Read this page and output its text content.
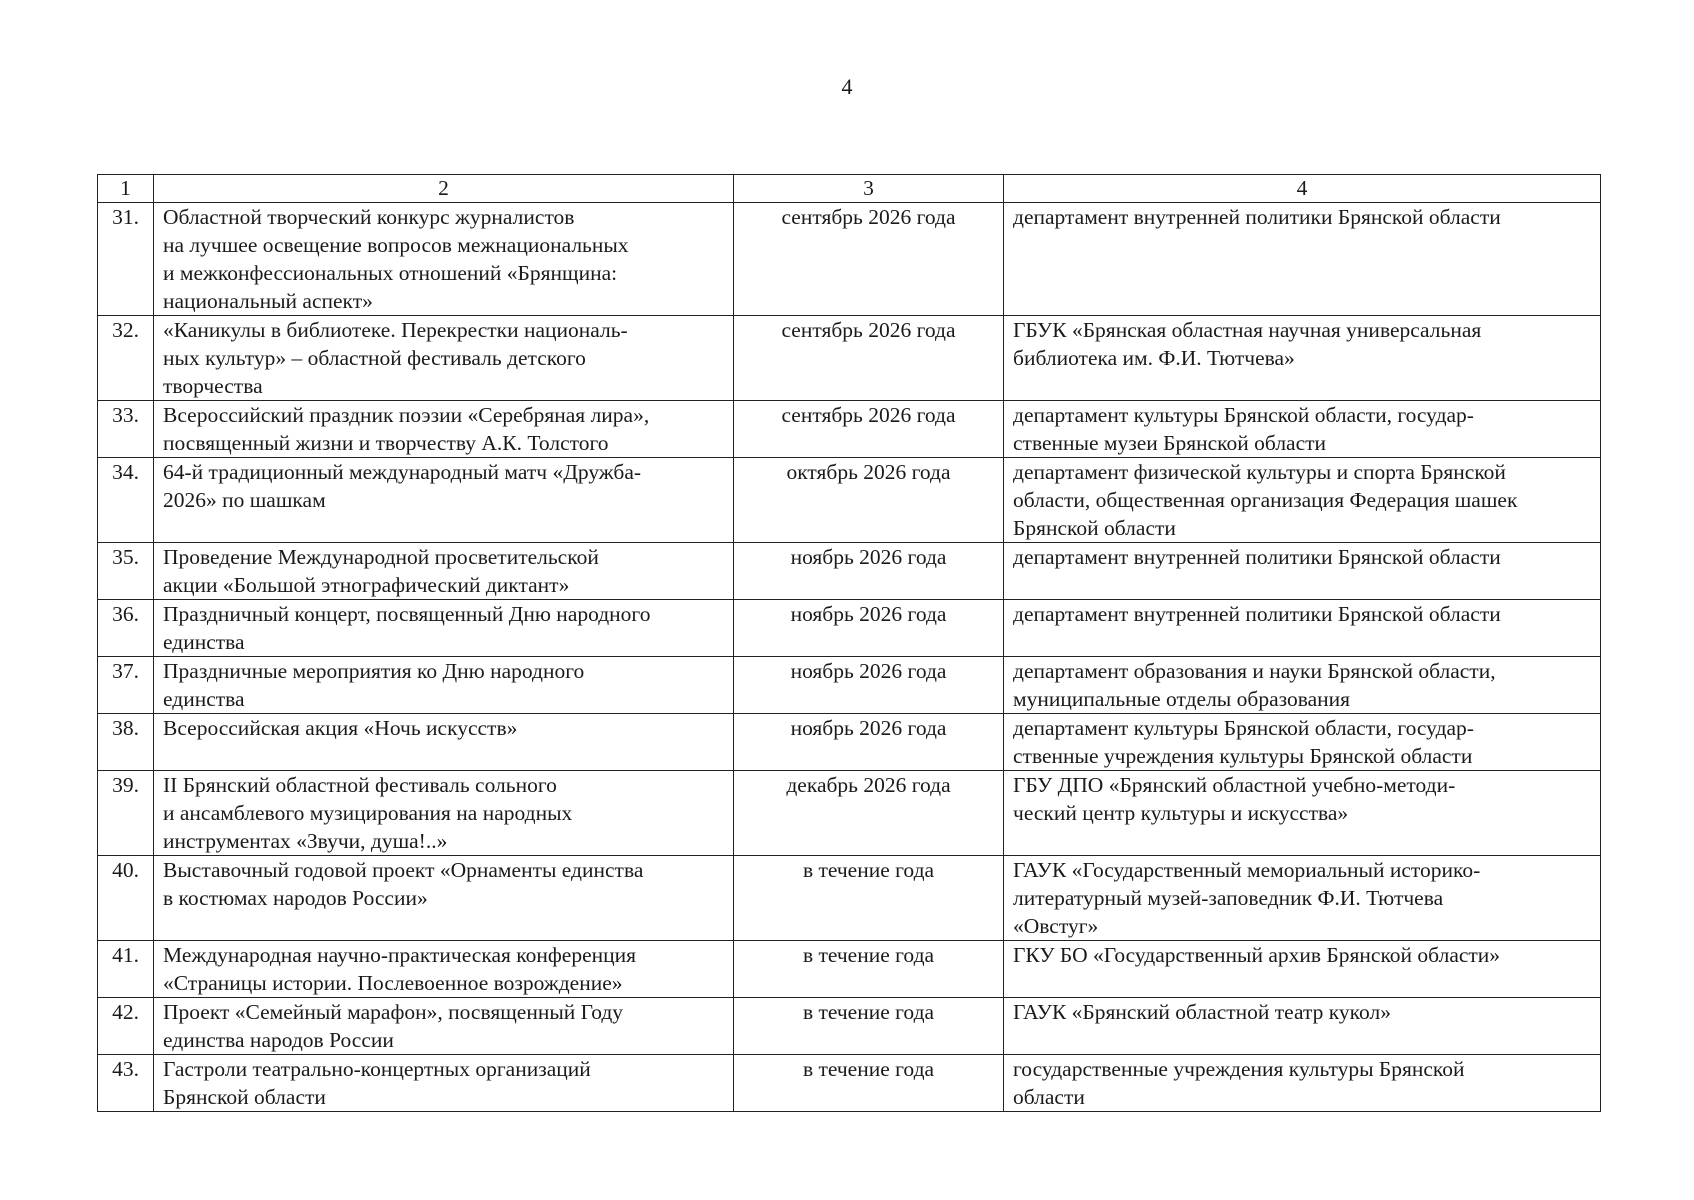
4
1	2	3	4
31.	Областной творческий конкурс журналистов
на лучшее освещение вопросов межнациональных
и межконфессиональных отношений «Брянщина:
национальный аспект»	сентябрь 2026 года	департамент внутренней политики Брянской области
32.	«Каникулы в библиотеке. Перекрестки националь-
ных культур» – областной фестиваль детского
творчества	сентябрь 2026 года	ГБУК «Брянская областная научная универсальная
библиотека им. Ф.И. Тютчева»
33.	Всероссийский праздник поэзии «Серебряная лира»,
посвященный жизни и творчеству А.К. Толстого	сентябрь 2026 года	департамент культуры Брянской области, государ-
ственные музеи Брянской области
34.	64-й традиционный международный матч «Дружба-
2026» по шашкам	октябрь 2026 года	департамент физической культуры и спорта Брянской
области, общественная организация Федерация шашек
Брянской области
35.	Проведение Международной просветительской
акции «Большой этнографический диктант»	ноябрь 2026 года	департамент внутренней политики Брянской области
36.	Праздничный концерт, посвященный Дню народного
единства	ноябрь 2026 года	департамент внутренней политики Брянской области
37.	Праздничные мероприятия ко Дню народного
единства	ноябрь 2026 года	департамент образования и науки Брянской области,
муниципальные отделы образования
38.	Всероссийская акция «Ночь искусств»	ноябрь 2026 года	департамент культуры Брянской области, государ-
ственные учреждения культуры Брянской области
39.	II Брянский областной фестиваль сольного
и ансамблевого музицирования на народных
инструментах «Звучи, душа!..»	декабрь 2026 года	ГБУ ДПО «Брянский областной учебно-методи-
ческий центр культуры и искусства»
40.	Выставочный годовой проект «Орнаменты единства
в костюмах народов России»	в течение года	ГАУК «Государственный мемориальный историко-
литературный музей-заповедник Ф.И. Тютчева
«Овстуг»
41.	Международная научно-практическая конференция
«Страницы истории. Послевоенное возрождение»	в течение года	ГКУ БО «Государственный архив Брянской области»
42.	Проект «Семейный марафон», посвященный Году
единства народов России	в течение года	ГАУК «Брянский областной театр кукол»
43.	Гастроли театрально-концертных организаций
Брянской области	в течение года	государственные учреждения культуры Брянской
области
